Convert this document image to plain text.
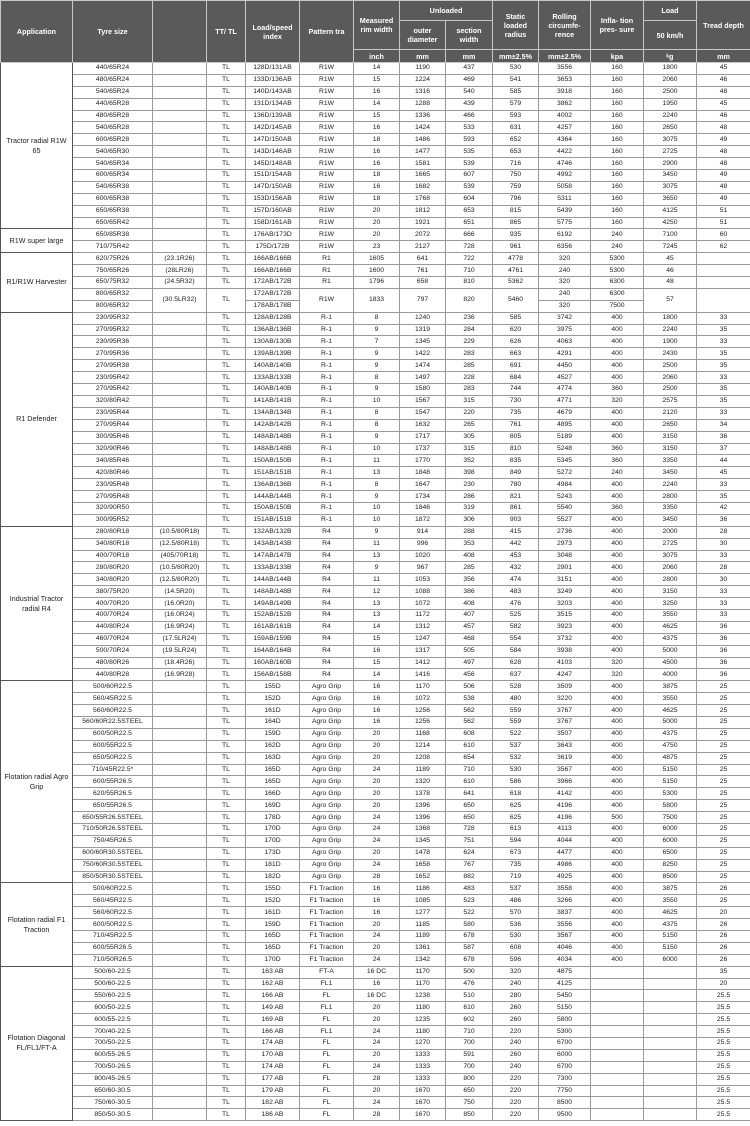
Application	Tyre size		TT/ TL	Load/speed index	Pattern tra	Measured rim width	Unloaded		Static loaded radius	Rolling circumfe- rence	Infla- tion pres- sure	Load	Tread depth
							outer diameter	section width				50 km/h	
						inch	mm	mm	mm±2.5%	mm±2.5%	kpa	ᵏg	mm
Tractor radial R1W 65	440/65R24		TL	128D/131AB	R1W	14	1190	437	530	3556	160	1800	45
	480/65R24		TL	133D/136AB	R1W	15	1224	469	541	3653	160	2060	46
	540/65R24		TL	140D/143AB	R1W	16	1316	540	585	3918	160	2500	48
	440/65R28		TL	131D/134AB	R1W	14	1288	439	579	3862	160	1950	45
	480/65R28		TL	136D/139AB	R1W	15	1336	466	593	4002	160	2240	46
	540/65R28		TL	142D/145AB	R1W	16	1424	533	631	4257	160	2650	48
	600/65R28		TL	147D/150AB	R1W	18	1486	593	652	4364	160	3075	49
	540/65R30		TL	143D/146AB	R1W	16	1477	535	653	4422	160	2725	48
	540/65R34		TL	145D/148AB	R1W	16	1581	539	716	4746	160	2900	48
	600/65R34		TL	151D/154AB	R1W	18	1665	607	750	4992	160	3450	49
	540/65R38		TL	147D/150AB	R1W	16	1682	539	759	5058	160	3075	48
	600/65R38		TL	153D/156AB	R1W	18	1768	604	796	5311	160	3650	49
	650/65R38		TL	157D/160AB	R1W	20	1812	653	815	5439	160	4125	51
	650/65R42		TL	158D/161AB	R1W	20	1921	651	865	5775	160	4250	51
R1W super large	650/85R38		TL	176AB/173D	R1W	20	2072	666	935	6192	240	7100	60
	710/75R42		TL	175D/172B	R1W	23	2127	728	961	6356	240	7245	62
R1/R1W Harvester	620/75R26	(23.1R26)	TL	166AB/166B	R1	1605	641	722	4778	320	5300	45	
	750/65R26	(28LR26)	TL	166AB/166B	R1	1600	761	710	4761	240	5300	46	
	650/75R32	(24.5R32)	TL	172AB/172B	R1	1796	658	810	5362	320	6300	48	
	800/65R32	(30.5LR32)	TL	172AB/172B	R1W	1833	797	820	5460	240	6300	57	
	800/65R32			178AB/178B						320	7500		
R1 Defender	230/95R32		TL	128AB/128B	R-1	8	1240	236	585	3742	400	1800	33
	270/95R32		TL	136AB/136B	R-1	9	1319	284	620	3975	400	2240	35
	230/95R36		TL	130AB/130B	R-1	7	1345	229	626	4063	400	1900	33
	270/95R36		TL	139AB/139B	R-1	9	1422	283	663	4291	400	2430	35
	270/95R38		TL	140AB/140B	R-1	9	1474	285	691	4450	400	2500	35
	230/95R42		TL	133AB/133B	R-1	8	1497	228	684	4527	400	2060	33
	270/95R42		TL	140AB/140B	R-1	9	1580	283	744	4774	360	2500	35
	320/80R42		TL	141AB/141B	R-1	10	1567	315	730	4771	320	2575	35
	230/95R44		TL	134AB/134B	R-1	8	1547	220	735	4679	400	2120	33
	270/95R44		TL	142AB/142B	R-1	8	1632	265	761	4895	400	2650	34
	300/95R46		TL	148AB/148B	R-1	9	1717	305	805	5189	400	3150	36
	320/90R46		TL	148AB/148B	R-1	10	1737	315	810	5248	360	3150	37
	340/85R46		TL	150AB/150B	R-1	11	1770	352	835	5345	360	3350	44
	420/80R46		TL	151AB/151B	R-1	13	1848	398	849	5272	240	3450	45
	230/95R48		TL	136AB/136B	R-1	8	1647	230	780	4984	400	2240	33
	270/95R48		TL	144AB/144B	R-1	9	1734	286	821	5243	400	2800	35
	320/90R50		TL	150AB/150B	R-1	10	1846	319	861	5540	360	3350	42
	300/95R52		TL	151AB/151B	R-1	10	1872	306	903	5527	400	3450	36
Industrial Tractor radial R4	280/80R18	(10.5/80R18)	TL	132AB/132B	R4	9	914	288	415	2736	400	2000	28
	340/80R18	(12.5/80R18)	TL	143AB/143B	R4	11	996	353	442	2973	400	2725	30
	400/70R18	(405/70R18)	TL	147AB/147B	R4	13	1020	408	453	3048	400	3075	33
	280/80R20	(10.5/80R20)	TL	133AB/133B	R4	9	967	285	432	2901	400	2060	28
	340/80R20	(12.5/80R20)	TL	144AB/144B	R4	11	1053	356	474	3151	400	2800	30
	380/75R20	(14.5R20)	TL	148AB/148B	R4	12	1088	386	483	3249	400	3150	33
	400/70R20	(16.0R20)	TL	149AB/149B	R4	13	1072	408	476	3203	400	3250	33
	400/70R24	(16.0R24)	TL	152AB/152B	R4	13	1172	407	525	3515	400	3550	33
	440/80R24	(16.9R24)	TL	161AB/161B	R4	14	1312	457	582	3923	400	4625	36
	460/70R24	(17.5LR24)	TL	159AB/159B	R4	15	1247	468	554	3732	400	4375	36
	500/70R24	(19.5LR24)	TL	164AB/164B	R4	16	1317	505	584	3938	400	5000	36
	480/80R26	(18.4R26)	TL	160AB/160B	R4	15	1412	497	628	4103	320	4500	36
	440/80R28	(16.9R28)	TL	156AB/158B	R4	14	1416	456	637	4247	320	4000	36
Flotation radial Agro Grip	500/60R22.5		TL	155D	Agro Grip	16	1170	506	528	3509	400	3875	25
	560/45R22.5		TL	152D	Agro Grip	16	1072	538	480	3220	400	3550	25
	560/60R22.5		TL	161D	Agro Grip	16	1256	562	559	3767	400	4625	25
	560/60R22.5STEEL		TL	164D	Agro Grip	16	1256	562	559	3767	400	5000	25
	600/50R22.5		TL	159D	Agro Grip	20	1168	608	522	3507	400	4375	25
	600/55R22.5		TL	162D	Agro Grip	20	1214	610	537	3643	400	4750	25
	650/50R22.5		TL	163D	Agro Grip	20	1208	654	532	3619	400	4875	25
	710/45R22.5*		TL	165D	Agro Grip	24	1189	710	530	3567	400	5150	25
	600/55R26.5		TL	165D	Agro Grip	20	1320	610	586	3966	400	5150	25
	620/55R26.5		TL	166D	Agro Grip	20	1378	641	618	4142	400	5300	25
	650/55R26.5		TL	169D	Agro Grip	20	1396	650	625	4196	400	5800	25
	650/55R26.5STEEL		TL	178D	Agro Grip	24	1396	650	625	4196	500	7500	25
	710/50R26.5STEEL		TL	170D	Agro Grip	24	1368	728	613	4113	400	6000	25
	750/45R26.5		TL	170D	Agro Grip	24	1345	751	594	4044	400	6000	25
	600/60R30.5STEEL		TL	173D	Agro Grip	20	1478	624	673	4477	400	6500	25
	750/60R30.5STEEL		TL	181D	Agro Grip	24	1658	767	735	4986	400	8250	25
	850/50R30.5STEEL		TL	182D	Agro Grip	28	1652	882	719	4925	400	8500	25
Flotation radial F1 Traction	500/60R22.5		TL	155D	F1 Traction	16	1186	483	537	3558	400	3875	26
	560/45R22.5		TL	152D	F1 Traction	16	1085	523	486	3266	400	3550	25
	560/60R22.5		TL	161D	F1 Traction	16	1277	522	570	3837	400	4625	20
	600/50R22.5		TL	159D	F1 Traction	20	1185	580	536	3556	400	4375	26
	710/45R22.5		TL	165D	F1 Traction	24	1189	678	530	3567	400	5150	26
	600/55R26.5		TL	165D	F1 Traction	20	1361	587	608	4046	400	5150	26
	710/50R26.5		TL	170D	F1 Traction	24	1342	678	596	4034	400	6000	26
Flotation Diagonal FL/FL1/FT-A	500/60-22.5		TL	163 AB	FT-A	16 DC	1170	500	320	4875			35
	500/60-22.5		TL	162 AB	FL1	16	1170	476	240	4125			20
	550/60-22.5		TL	166 AB	FL	16 DC	1238	510	280	5450			25.5
	600/50-22.5		TL	149 AB	FL1	20	1180	610	260	5150			25.5
	600/55-22.5		TL	169 AB	FL	20	1235	602	260	5800			25.5
	700/40-22.5		TL	166 AB	FL1	24	1180	710	220	5300			25.5
	700/50-22.5		TL	174 AB	FL	24	1270	700	240	6700			25.5
	600/55-26.5		TL	170 AB	FL	20	1333	591	260	6000			25.5
	700/50-26.5		TL	174 AB	FL	24	1333	700	240	6700			25.5
	800/45-26.5		TL	177 AB	FL	28	1333	800	220	7300			25.5
	650/60-30.5		TL	179 AB	FL	20	1670	650	220	7750			25.5
	750/60-30.5		TL	182 AB	FL	24	1670	750	220	8500			25.5
	850/50-30.5		TL	186 AB	FL	28	1670	850	220	9500			25.5
